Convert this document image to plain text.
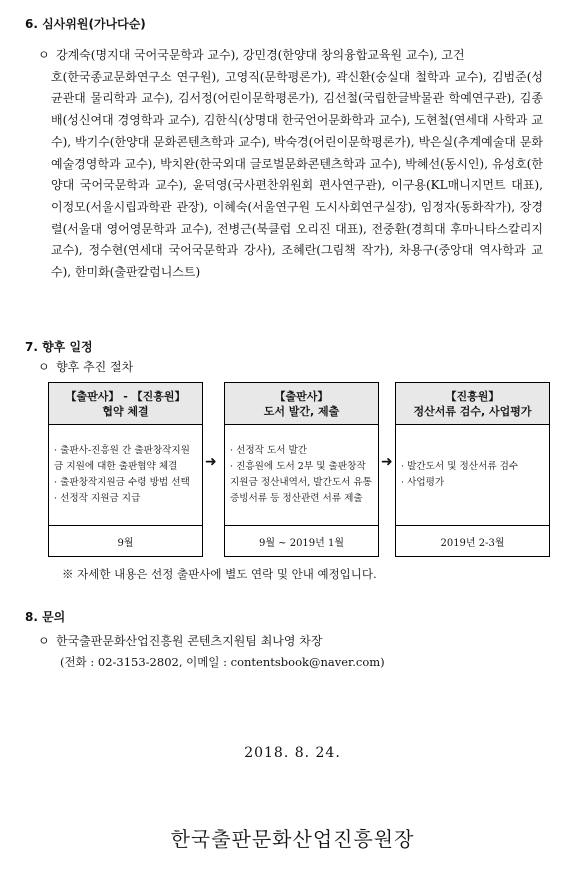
6. 심사위원(가나다순)
ㅇ 강계숙(명지대 국어국문학과 교수), 강민경(한양대 창의융합교육원 교수), 고건
호(한국종교문화연구소 연구원), 고영직(문학평론가), 곽신환(숭실대 철학과 교수), 김범준(성균관대 물리학과 교수), 김서정(어린이문학평론가), 김선철(국립한글박물관 학예연구관), 김종배(성신여대 경영학과 교수), 김한식(상명대 한국언어문화학과 교수), 도현철(연세대 사학과 교수), 박기수(한양대 문화콘텐츠학과 교수), 박숙경(어린이문학평론가), 박은실(추계예술대 문화예술경영학과 교수), 박치완(한국외대 글로벌문화콘텐츠학과 교수), 박혜선(동시인), 유성호(한양대 국어국문학과 교수), 윤덕영(국사편찬위원회 편사연구관), 이구용(KL매니지먼트 대표), 이정모(서울시립과학관 관장), 이혜숙(서울연구원 도시사회연구실장), 임정자(동화작가), 장경렬(서울대 영어영문학과 교수), 전병근(북클럽 오리진 대표), 전중환(경희대 후마니타스칼리지 교수), 정수현(연세대 국어국문학과 강사), 조혜란(그림책 작가), 차용구(중앙대 역사학과 교수), 한미화(출판칼럼니스트)
7. 향후 일정
ㅇ 향후 추진 절차
【출판사】 - 【진흥원】
협약 체결
· 출판사-진흥원 간 출판창작지원금 지원에 대한 출판협약 체결
· 출판창작지원금 수령 방법 선택
· 선정작 지원금 지급
9월
➜
【출판사】
도서 발간, 제출
· 선정작 도서 발간
· 진흥원에 도서 2부 및 출판창작지원금 정산내역서, 발간도서 유통증빙서류 등 정산관련 서류 제출
9월 ~ 2019년 1월
➜
【진흥원】
정산서류 검수, 사업평가
· 발간도서 및 정산서류 검수
· 사업평가
2019년 2-3월
※ 자세한 내용은 선정 출판사에 별도 연락 및 안내 예정입니다.
8. 문의
ㅇ 한국출판문화산업진흥원 콘텐츠지원팀 최나영 차장
(전화 : 02-3153-2802, 이메일 : contentsbook@naver.com)
2018. 8. 24.
한국출판문화산업진흥원장
